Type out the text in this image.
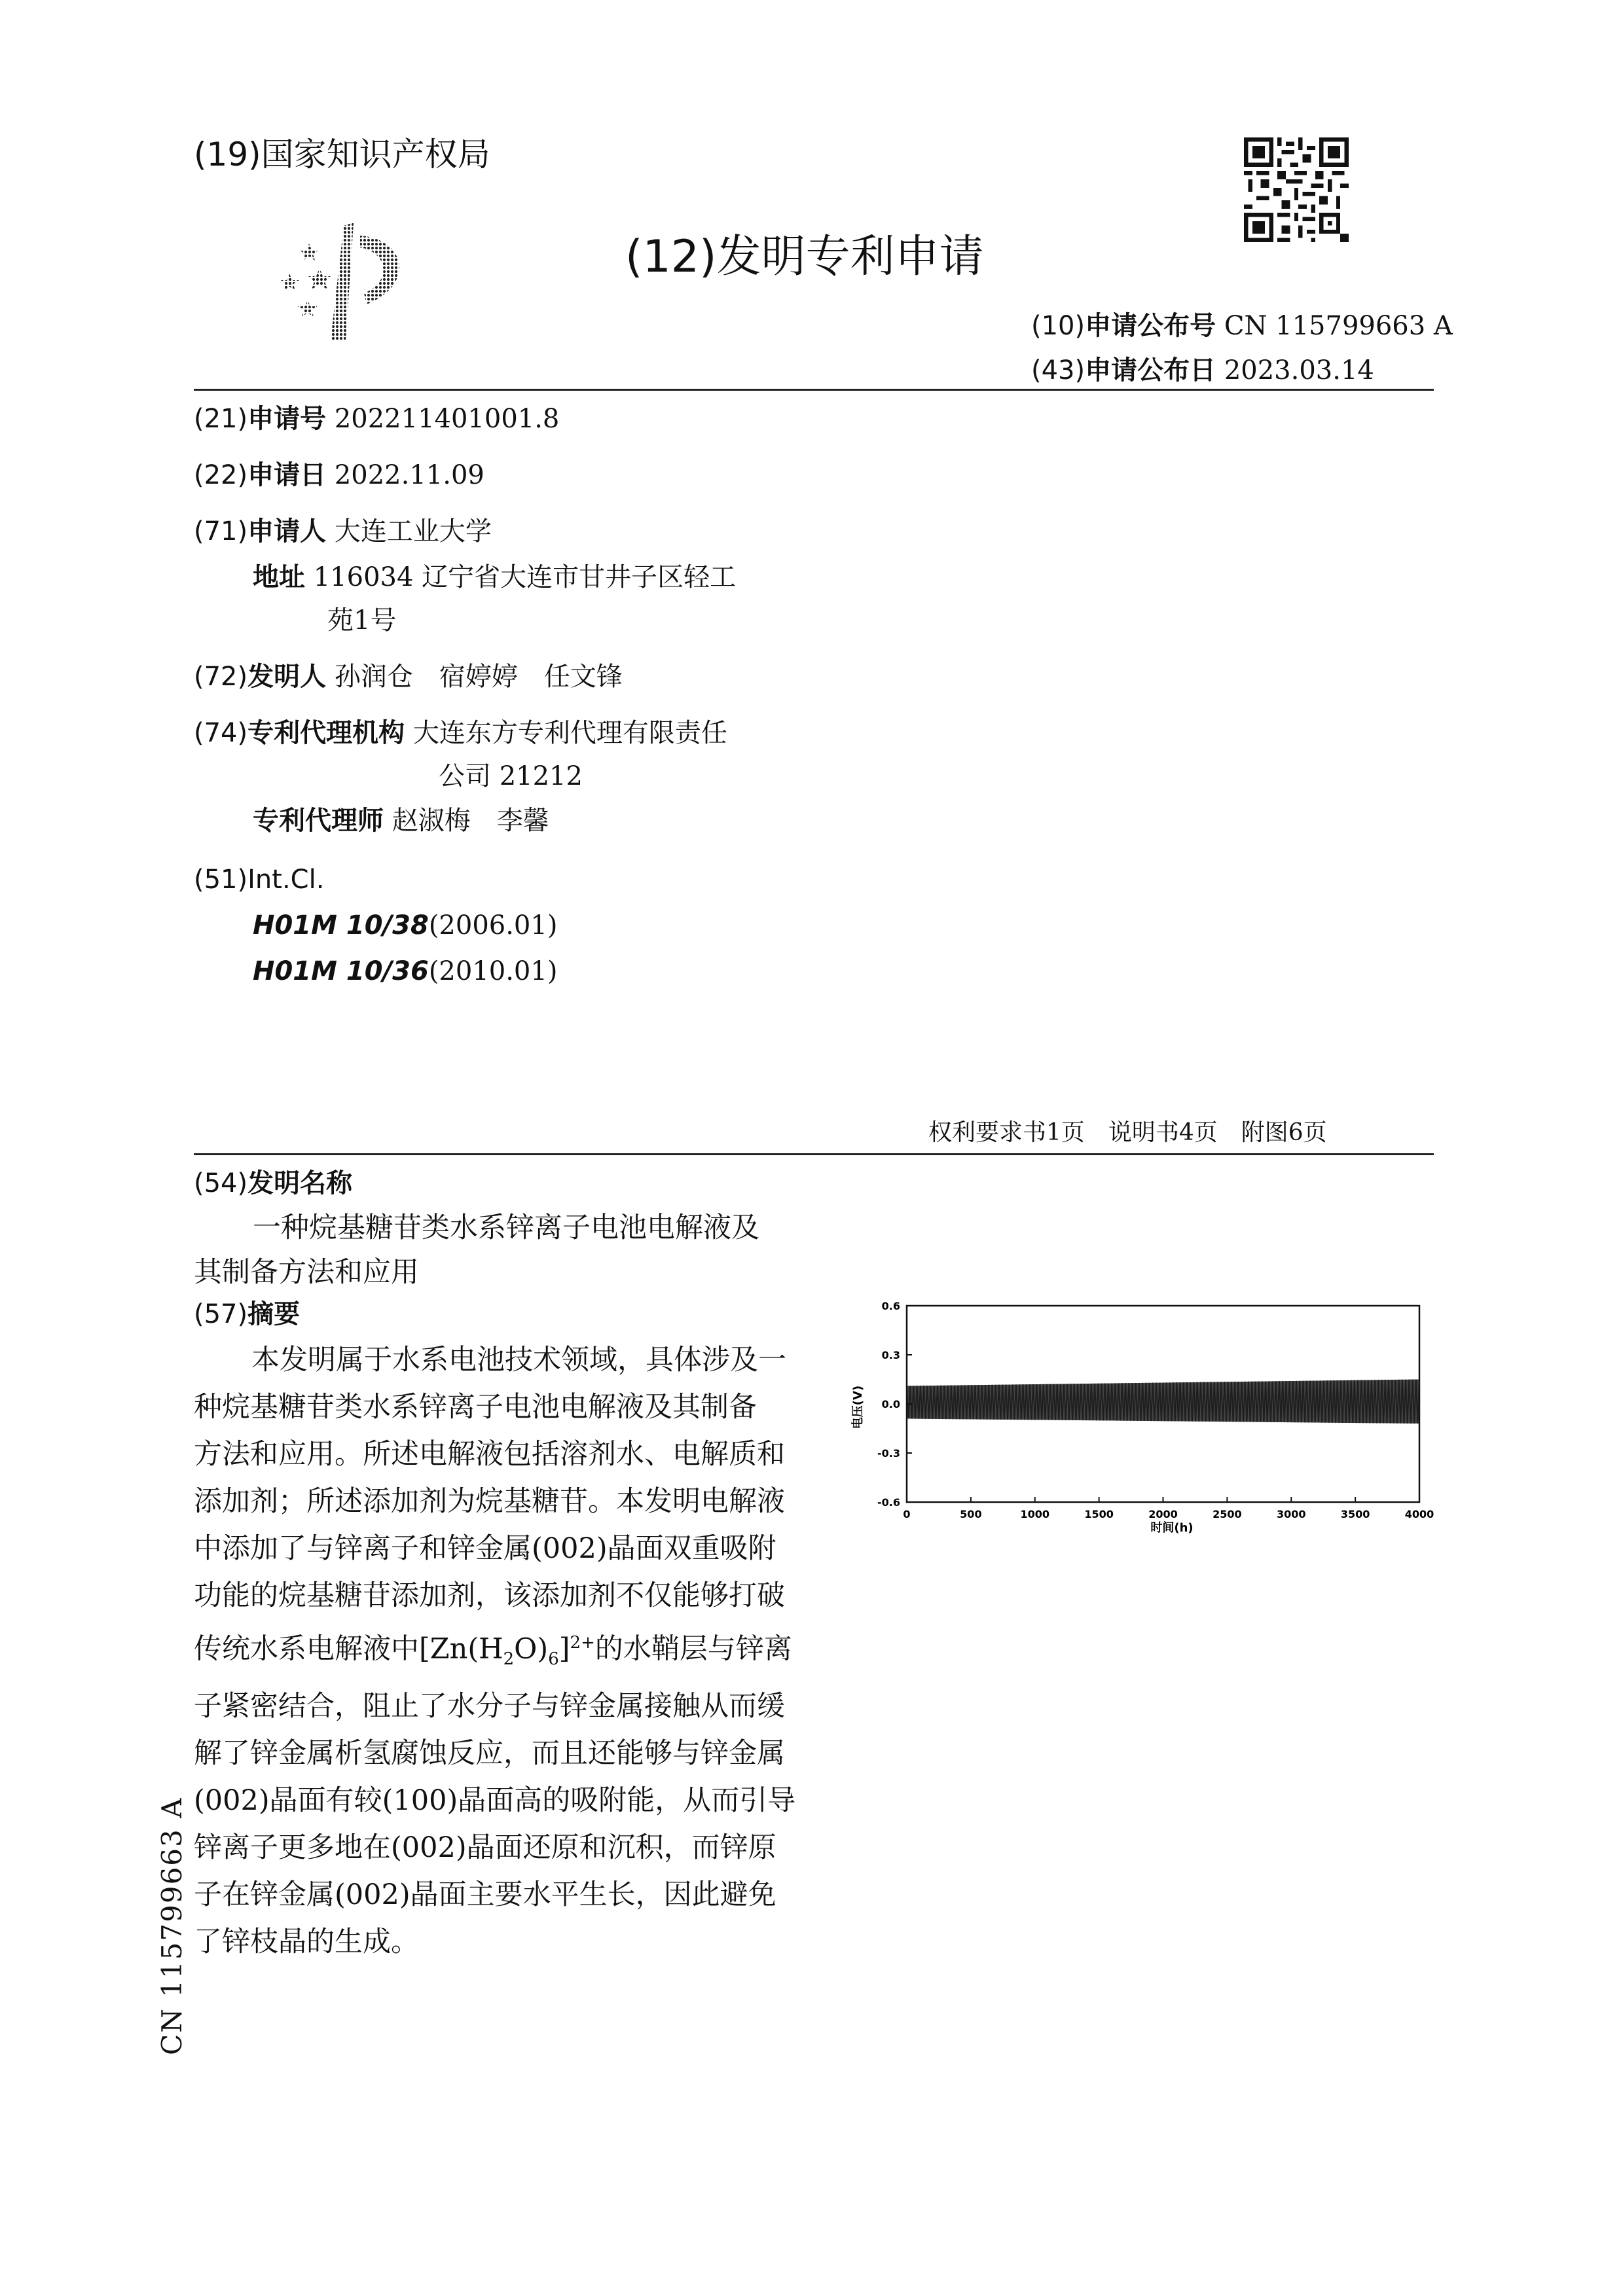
(19)国家知识产权局
(12)发明专利申请
(10)申请公布号 CN 115799663 A
(43)申请公布日 2023.03.14
(21)申请号 202211401001.8
(22)申请日 2022.11.09
(71)申请人 大连工业大学
地址 116034 辽宁省大连市甘井子区轻工
苑1号
(72)发明人 孙润仓　宿婷婷　任文锋
(74)专利代理机构 大连东方专利代理有限责任
公司 21212
专利代理师 赵淑梅　李馨
(51)Int.Cl.
H01M 10/38(2006.01)
H01M 10/36(2010.01)
权利要求书1页　说明书4页　附图6页
(54)发明名称
一种烷基糖苷类水系锌离子电池电解液及
其制备方法和应用
(57)摘要
本发明属于水系电池技术领域，具体涉及一
种烷基糖苷类水系锌离子电池电解液及其制备
方法和应用。所述电解液包括溶剂水、电解质和
添加剂；所述添加剂为烷基糖苷。本发明电解液
中添加了与锌离子和锌金属(002)晶面双重吸附
功能的烷基糖苷添加剂，该添加剂不仅能够打破
传统水系电解液中$[Zn(H_2O)_6]^{2+}$的水鞘层与锌离
子紧密结合，阻止了水分子与锌金属接触从而缓
解了锌金属析氢腐蚀反应，而且还能够与锌金属
(002)晶面有较(100)晶面高的吸附能，从而引导
锌离子更多地在(002)晶面还原和沉积，而锌原
子在锌金属(002)晶面主要水平生长，因此避免
了锌枝晶的生成。
0	500	1000	1500	2000	2500	3000	3500	4000
0.6
0.3
0.0
-0.3
-0.6
电压(V)
时间(h)
CN 115799663 A
